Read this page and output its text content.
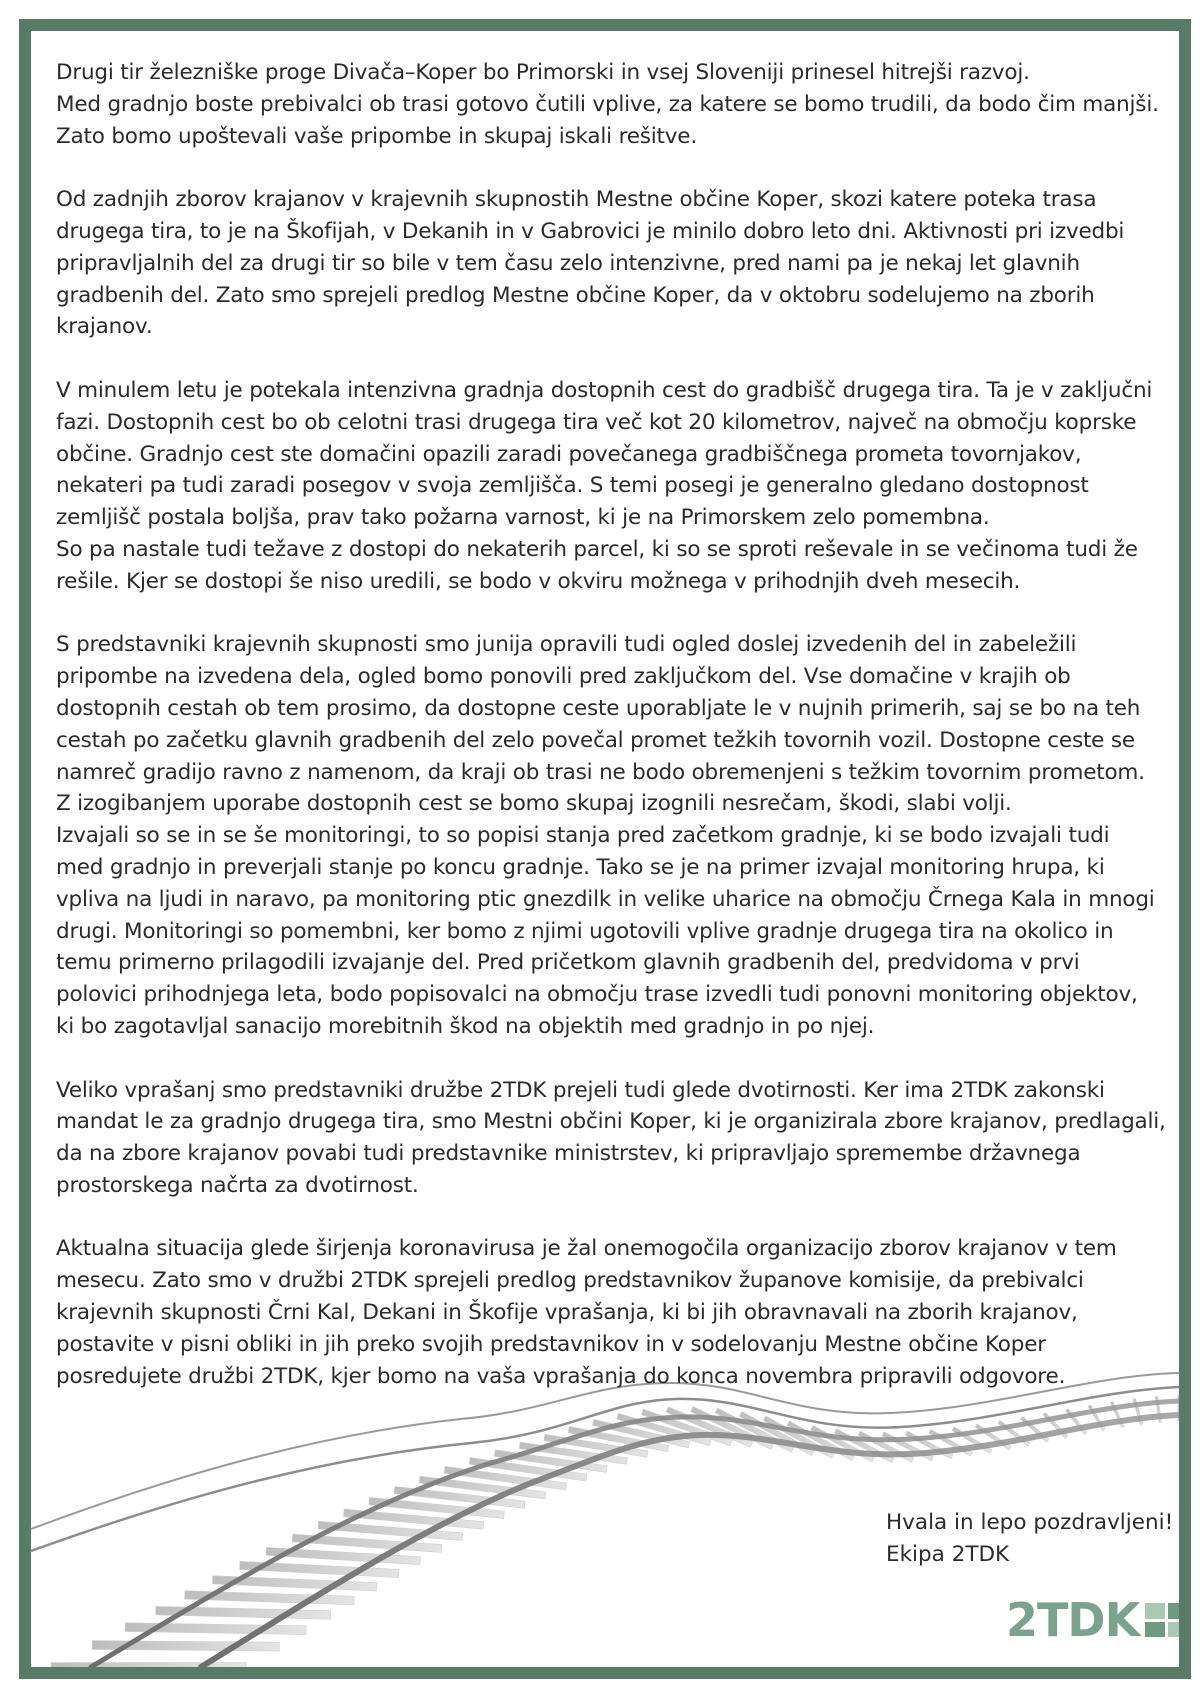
Drugi tir železniške proge Divača–Koper bo Primorski in vsej Sloveniji prinesel hitrejši razvoj.
Med gradnjo boste prebivalci ob trasi gotovo čutili vplive, za katere se bomo trudili, da bodo čim manjši.
Zato bomo upoštevali vaše pripombe in skupaj iskali rešitve.
Od zadnjih zborov krajanov v krajevnih skupnostih Mestne občine Koper, skozi katere poteka trasa
drugega tira, to je na Škofijah, v Dekanih in v Gabrovici je minilo dobro leto dni. Aktivnosti pri izvedbi
pripravljalnih del za drugi tir so bile v tem času zelo intenzivne, pred nami pa je nekaj let glavnih
gradbenih del. Zato smo sprejeli predlog Mestne občine Koper, da v oktobru sodelujemo na zborih
krajanov.
V minulem letu je potekala intenzivna gradnja dostopnih cest do gradbišč drugega tira. Ta je v zaključni
fazi. Dostopnih cest bo ob celotni trasi drugega tira več kot 20 kilometrov, največ na območju koprske
občine. Gradnjo cest ste domačini opazili zaradi povečanega gradbiščnega prometa tovornjakov,
nekateri pa tudi zaradi posegov v svoja zemljišča. S temi posegi je generalno gledano dostopnost
zemljišč postala boljša, prav tako požarna varnost, ki je na Primorskem zelo pomembna.
So pa nastale tudi težave z dostopi do nekaterih parcel, ki so se sproti reševale in se večinoma tudi že
rešile. Kjer se dostopi še niso uredili, se bodo v okviru možnega v prihodnjih dveh mesecih.
S predstavniki krajevnih skupnosti smo junija opravili tudi ogled doslej izvedenih del in zabeležili
pripombe na izvedena dela, ogled bomo ponovili pred zaključkom del. Vse domačine v krajih ob
dostopnih cestah ob tem prosimo, da dostopne ceste uporabljate le v nujnih primerih, saj se bo na teh
cestah po začetku glavnih gradbenih del zelo povečal promet težkih tovornih vozil. Dostopne ceste se
namreč gradijo ravno z namenom, da kraji ob trasi ne bodo obremenjeni s težkim tovornim prometom.
Z izogibanjem uporabe dostopnih cest se bomo skupaj izognili nesrečam, škodi, slabi volji.
Izvajali so se in se še monitoringi, to so popisi stanja pred začetkom gradnje, ki se bodo izvajali tudi
med gradnjo in preverjali stanje po koncu gradnje. Tako se je na primer izvajal monitoring hrupa, ki
vpliva na ljudi in naravo, pa monitoring ptic gnezdilk in velike uharice na območju Črnega Kala in mnogi
drugi. Monitoringi so pomembni, ker bomo z njimi ugotovili vplive gradnje drugega tira na okolico in
temu primerno prilagodili izvajanje del. Pred pričetkom glavnih gradbenih del, predvidoma v prvi
polovici prihodnjega leta, bodo popisovalci na območju trase izvedli tudi ponovni monitoring objektov,
ki bo zagotavljal sanacijo morebitnih škod na objektih med gradnjo in po njej.
Veliko vprašanj smo predstavniki družbe 2TDK prejeli tudi glede dvotirnosti. Ker ima 2TDK zakonski
mandat le za gradnjo drugega tira, smo Mestni občini Koper, ki je organizirala zbore krajanov, predlagali,
da na zbore krajanov povabi tudi predstavnike ministrstev, ki pripravljajo spremembe državnega
prostorskega načrta za dvotirnost.
Aktualna situacija glede širjenja koronavirusa je žal onemogočila organizacijo zborov krajanov v tem
mesecu. Zato smo v družbi 2TDK sprejeli predlog predstavnikov županove komisije, da prebivalci
krajevnih skupnosti Črni Kal, Dekani in Škofije vprašanja, ki bi jih obravnavali na zborih krajanov,
postavite v pisni obliki in jih preko svojih predstavnikov in v sodelovanju Mestne občine Koper
posredujete družbi 2TDK, kjer bomo na vaša vprašanja do konca novembra pripravili odgovore.
Hvala in lepo pozdravljeni!
Ekipa 2TDK
2TDK
